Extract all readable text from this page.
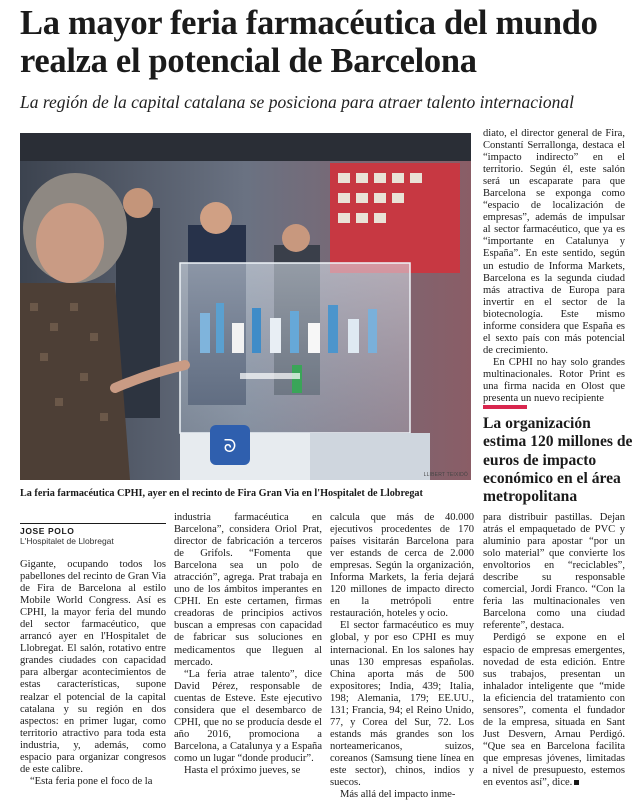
La mayor feria farmacéutica del mundo realza el potencial de Barcelona

La región de la capital catalana se posiciona para atraer talento internacional

ᘐ
LLIBERT TEIXIDÓ

La feria farmacéutica CPHI, ayer en el recinto de Fira Gran Via en l'Hospitalet de Llobregat

JOSE POLO

L'Hospitalet de Llobregat

Gigante, ocupando todos los pabellones del recinto de Gran Via de Fira de Barcelona al estilo Mobile World Congress. Así es CPHI, la mayor feria del mundo del sector farmacéutico, que arrancó ayer en l'Hospitalet de Llobregat. El salón, rotativo entre grandes ciudades con capacidad para albergar acontecimientos de estas características, supone realzar el potencial de la capital catalana y su región en dos aspectos: en primer lugar, como territorio atractivo para toda esta industria, y, además, como espacio para organizar congresos de este calibre.

“Esta feria pone el foco de la

industria farmacéutica en Barcelona”, considera Oriol Prat, director de fabricación a terceros de Grifols. “Fomenta que Barcelona sea un polo de atracción”, agrega. Prat trabaja en uno de los ámbitos imperantes en CPHI. En este certamen, firmas creadoras de principios activos buscan a empresas con capacidad de fabricar sus soluciones en medicamentos que lleguen al mercado.

“La feria atrae talento”, dice David Pérez, responsable de cuentas de Esteve. Este ejecutivo considera que el desembarco de CPHI, que no se producía desde el año 2016, promociona a Barcelona, a Catalunya y a España como un lugar “donde producir”.

Hasta el próximo jueves, se

calcula que más de 40.000 ejecutivos procedentes de 170 países visitarán Barcelona para ver estands de cerca de 2.000 empresas. Según la organización, Informa Markets, la feria dejará 120 millones de impacto directo en la metrópoli entre restauración, hoteles y ocio.

El sector farmacéutico es muy global, y por eso CPHI es muy internacional. En los salones hay unas 130 empresas españolas. China aporta más de 500 expositores; India, 439; Italia, 198; Alemania, 179; EE.UU., 131; Francia, 94; el Reino Unido, 77, y Corea del Sur, 72. Los estands más grandes son los norteamericanos, suizos, coreanos (Samsung tiene línea en este sector), chinos, indios y suecos.

Más allá del impacto inme-

diato, el director general de Fira, Constantí Serrallonga, destaca el “impacto indirecto” en el territorio. Según él, este salón será un escaparate para que Barcelona se exponga como “espacio de localización de empresas”, además de impulsar al sector farmacéutico, que ya es “importante en Catalunya y España”. En este sentido, según un estudio de Informa Markets, Barcelona es la segunda ciudad más atractiva de Europa para invertir en el sector de la biotecnología. Este mismo informe considera que España es el sexto país con más potencial de crecimiento.

En CPHI no hay solo grandes multinacionales. Rotor Print es una firma nacida en Olost que presenta un nuevo recipiente

La organización estima 120 millones de euros de impacto económico en el área metropolitana

para distribuir pastillas. Dejan atrás el empaquetado de PVC y aluminio para apostar “por un solo material” que convierte los envoltorios en “reciclables”, describe su responsable comercial, Jordi Franco. “Con la feria las multinacionales ven Barcelona como una ciudad referente”, destaca.

Perdigó se expone en el espacio de empresas emergentes, novedad de esta edición. Entre sus trabajos, presentan un inhalador inteligente que “mide la eficiencia del tratamiento con sensores”, comenta el fundador de la empresa, situada en Sant Just Desvern, Arnau Perdigó. “Que sea en Barcelona facilita que empresas jóvenes, limitadas a nivel de presupuesto, estemos en eventos así”, dice.
